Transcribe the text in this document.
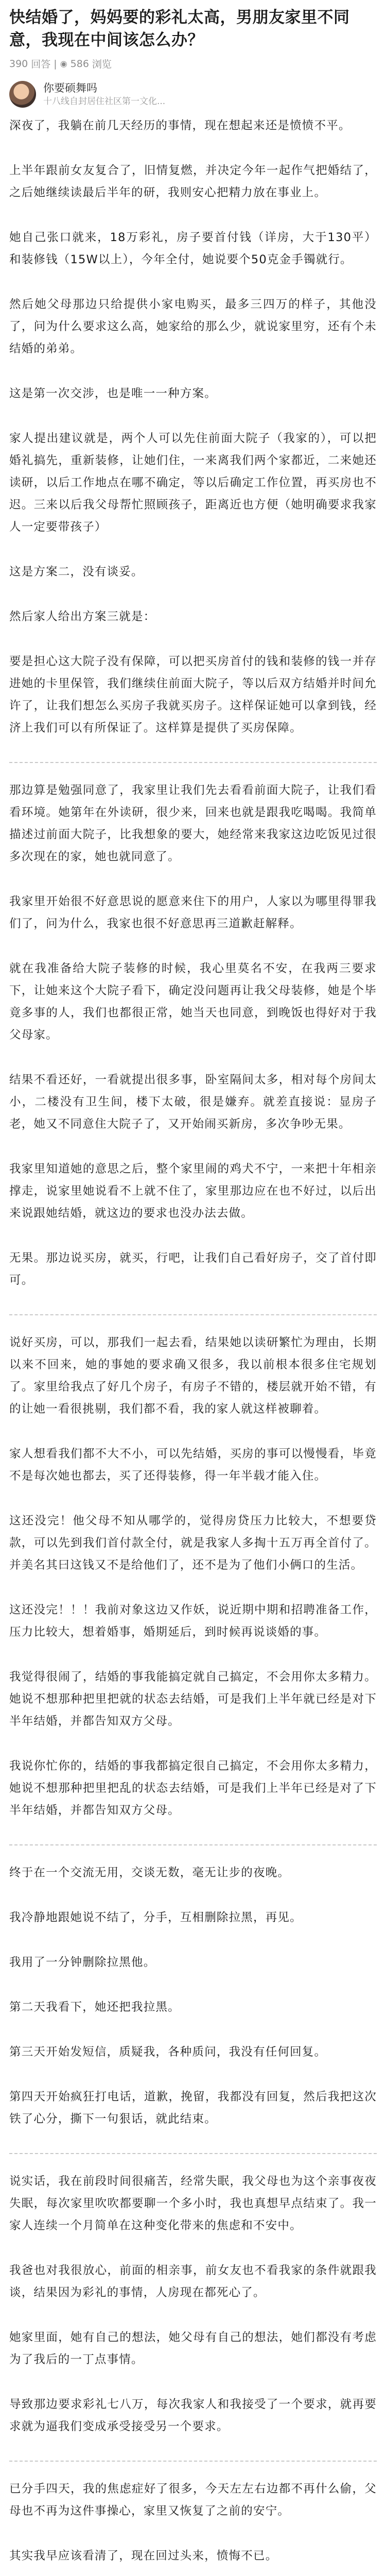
快结婚了，妈妈要的彩礼太高，男朋友家里不同意，我现在中间该怎么办？
390 回答 | ◉ 586 浏览
你要硕舞吗
十八线自封居住社区第一文化...

深夜了，我躺在前几天经历的事情，现在想起来还是愤愤不平。

上半年跟前女友复合了，旧情复燃，并决定今年一起作气把婚结了，之后她继续读最后半年的研，我则安心把精力放在事业上。

她自己张口就来，18万彩礼，房子要首付钱（详房，大于130平）和装修钱（15W以上），今年全付，她说要个50克金手镯就行。

然后她父母那边只给提供小家电购买，最多三四万的样子，其他没了，问为什么要求这么高，她家给的那么少，就说家里穷，还有个未结婚的弟弟。

这是第一次交涉，也是唯一一种方案。

家人提出建议就是，两个人可以先住前面大院子（我家的），可以把婚礼搞先，重新装修，让她们住，一来离我们两个家都近，二来她还读研，以后工作地点在哪不确定，等以后确定工作位置，再买房也不迟。三来以后我父母帮忙照顾孩子，距离近也方便（她明确要求我家人一定要带孩子）

这是方案二，没有谈妥。

然后家人给出方案三就是：

要是担心这大院子没有保障，可以把买房首付的钱和装修的钱一并存进她的卡里保管，我们继续住前面大院子，等以后双方结婚并时间允许了，让我们想怎么买房子我就买房子。这样保证她可以拿到钱，经济上我们可以有所保证了。这样算是提供了买房保障。

那边算是勉强同意了，我家里让我们先去看看前面大院子，让我们看看环境。她第年在外读研，很少来，回来也就是跟我吃喝喝。我简单描述过前面大院子，比我想象的要大，她经常来我家这边吃饭见过很多次现在的家，她也就同意了。

我家里开始很不好意思说的愿意来住下的用户，人家以为哪里得罪我们了，问为什么，我家也很不好意思再三道歉赶解释。

就在我准备给大院子装修的时候，我心里莫名不安，在我两三要求下，让她来这个大院子看下，确定没问题再让我父母装修，她是个毕竟多事的人，我们也都很正常，她当天也同意，到晚饭也得好对于我父母家。

结果不看还好，一看就提出很多事，卧室隔间太多，相对每个房间太小，二楼没有卫生间，楼下太破，很是嫌弃。就差直接说：显房子老，她又不同意住大院子了，又开始闹买新房，多次争吵无果。

我家里知道她的意思之后，整个家里闹的鸡犬不宁，一来把十年相亲撑走，说家里她说看不上就不住了，家里那边应在也不好过，以后出来说跟她结婚，就这边的要求也没办法去做。

无果。那边说买房，就买，行吧，让我们自己看好房子，交了首付即可。

说好买房，可以，那我们一起去看，结果她以读研繁忙为理由，长期以来不回来，她的事她的要求确又很多，我以前根本很多住宅规划了。家里给我点了好几个房子，有房子不错的，楼层就开始不错，有的让她一看很挑剔，我们都不看，我的家人就这样被聊着。

家人想看我们都不大不小，可以先结婚，买房的事可以慢慢看，毕竟不是每次她也都去，买了还得装修，得一年半载才能入住。

这还没完！他父母不知从哪学的，觉得房贷压力比较大，不想要贷款，可以先到我们首付款全付，就是我家人多掏十五万再全首付了。并美名其曰这钱又不是给他们了，还不是为了他们小俩口的生活。

这还没完！！！我前对象这边又作妖，说近期中期和招聘准备工作，压力比较大，想着婚事，婚期延后，到时候再说谈婚的事。

我觉得很闹了，结婚的事我能搞定就自己搞定，不会用你太多精力。她说不想那种把里把就的状态去结婚，可是我们上半年就已经是对下半年结婚，并都告知双方父母。

我说你忙你的，结婚的事我都搞定很自己搞定，不会用你太多精力，她说不想那种把里把乱的状态去结婚，可是我们上半年已经是对了下半年结婚，并都告知双方父母。

终于在一个交流无用，交谈无数，毫无让步的夜晚。

我冷静地跟她说不结了，分手，互相删除拉黑，再见。

我用了一分钟删除拉黑他。

第二天我看下，她还把我拉黑。

第三天开始发短信，质疑我，各种质问，我没有任何回复。

第四天开始疯狂打电话，道歉，挽留，我都没有回复，然后我把这次铁了心分，撕下一句狠话，就此结束。

说实话，我在前段时间很痛苦，经常失眠，我父母也为这个亲事夜夜失眠，每次家里吹吹都要聊一个多小时，我也真想早点结束了。我一家人连续一个月简单在这种变化带来的焦虑和不安中。

我爸也对我很放心，前面的相亲事，前女友也不看我家的条件就跟我谈，结果因为彩礼的事情，人房现在都死心了。

她家里面，她有自己的想法，她父母有自己的想法，她们都没有考虑为了我后的一丁点事情。

导致那边要求彩礼七八万，每次我家人和我接受了一个要求，就再要求就为逼我们变成承受接受另一个要求。

已分手四天，我的焦虑症好了很多，今天左左右边都不再什么偷，父母也不再为这件事操心，家里又恢复了之前的安宁。

其实我早应该看清了，现在回过头来，愤悔不已。
